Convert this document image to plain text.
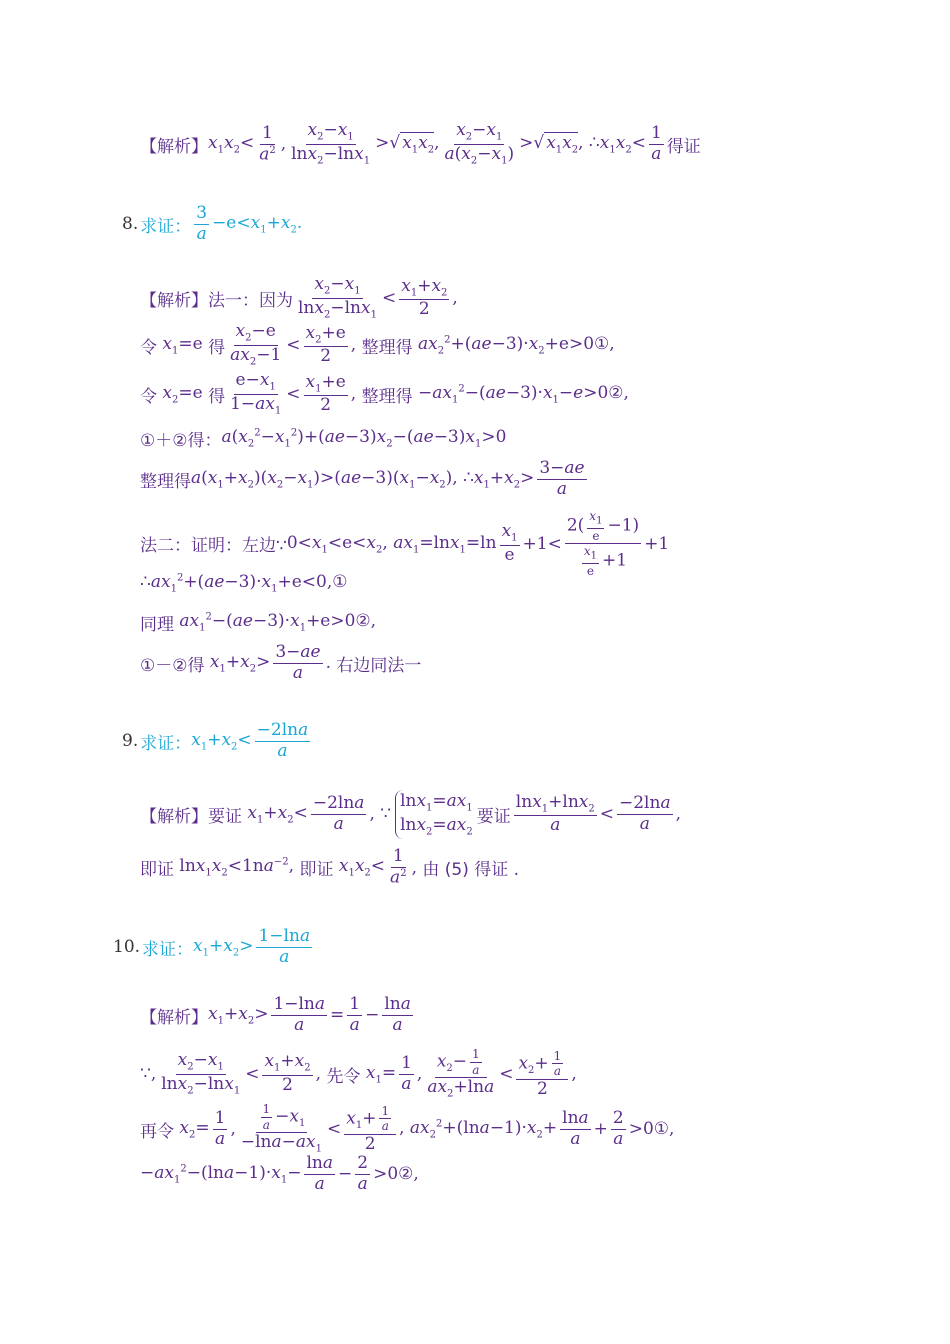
【解析】 $x_1x_2< \frac{1}{a^2}$ , $\frac{x_2-x_1}{\ln x_2-\ln x_1}$ >√ $x_1x_2$, $\frac{x_2-x_1}{a(x_2-x_1)}$ >√ $x_1x_2$, $\therefore x_1x_2< \frac{1}{a}$ 得证
8. 求证： $\frac{3}{a} -e<x_1+x_2$.
【解析】 法一：因为 $\frac{x_2-x_1}{\ln x_2-\ln x_1} < \frac{x_1+x_2}{2}$ ,
令 $x_1=e$ 得 $\frac{x_2-e}{ax_2-1} < \frac{x_2+e}{2}$ , 整理得 $ax_2^2+(ae-3)\cdot x_2+e>0①$,
令 $x_2=e$ 得 $\frac{e-x_1}{1-ax_1} < \frac{x_1+e}{2}$ , 整理得 $-ax_1^2-(ae-3)\cdot x_1-e>0②$,
①＋②得： $a(x_2^2-x_1^2)+(ae-3)x_2-(ae-3)x_1>0$
整理得 $a(x_1+x_2)(x_2-x_1)>(ae-3)(x_1-x_2)$, $\therefore x_1+x_2> \frac{3-ae}{a}$
法二：证明：左边∵ $0<x_1<e<x_2$, $ax_1=\ln x_1=\ln \frac{x_1}{e} +1< \frac{2( \frac{x_1}{e} -1)}{\frac{x_1}{e} +1} +1$
$\therefore ax_1^2+(ae-3)\cdot x_1+e<0,①$
同理 $ax_1^2-(ae-3)\cdot x_1+e>0②$,
①－②得 $x_1+x_2> \frac{3-ae}{a}$ . 右边同法一
9. 求证： $x_1+x_2< \frac{-2\ln a}{a}$
【解析】 要证 $x_1+x_2< \frac{-2\ln a}{a}$ , ∵
$\ln x_1=ax_1$
$\ln x_2=ax_2$
要证 $\frac{\ln x_1+\ln x_2}{a} < \frac{-2\ln a}{a}$ ,
即证 $\ln x_1x_2<1na^{-2}$, 即证 $x_1x_2< \frac{1}{a^2}$ , 由 (5) 得证 .
10. 求证： $x_1+x_2> \frac{1-\ln a}{a}$
【解析】 $x_1+x_2> \frac{1-\ln a}{a} = \frac{1}{a} - \frac{\ln a}{a}$
∵, $\frac{x_2-x_1}{\ln x_2-\ln x_1} < \frac{x_1+x_2}{2}$ , 先令 $x_1= \frac{1}{a}$ , $\frac{x_2- \frac{1}{a}}{ax_2+\ln a} < \frac{x_2+ \frac{1}{a}}{2}$ ,
再令 $x_2= \frac{1}{a}$ , $\frac{\frac{1}{a} -x_1}{-\ln a-ax_1} < \frac{x_1+ \frac{1}{a}}{2}$ , $ax_2^2+(\ln a-1)\cdot x_2+ \frac{\ln a}{a} + \frac{2}{a}$ >0①,
$-ax_1^2-(\ln a-1)\cdot x_1- \frac{\ln a}{a} - \frac{2}{a}$ >0②,
